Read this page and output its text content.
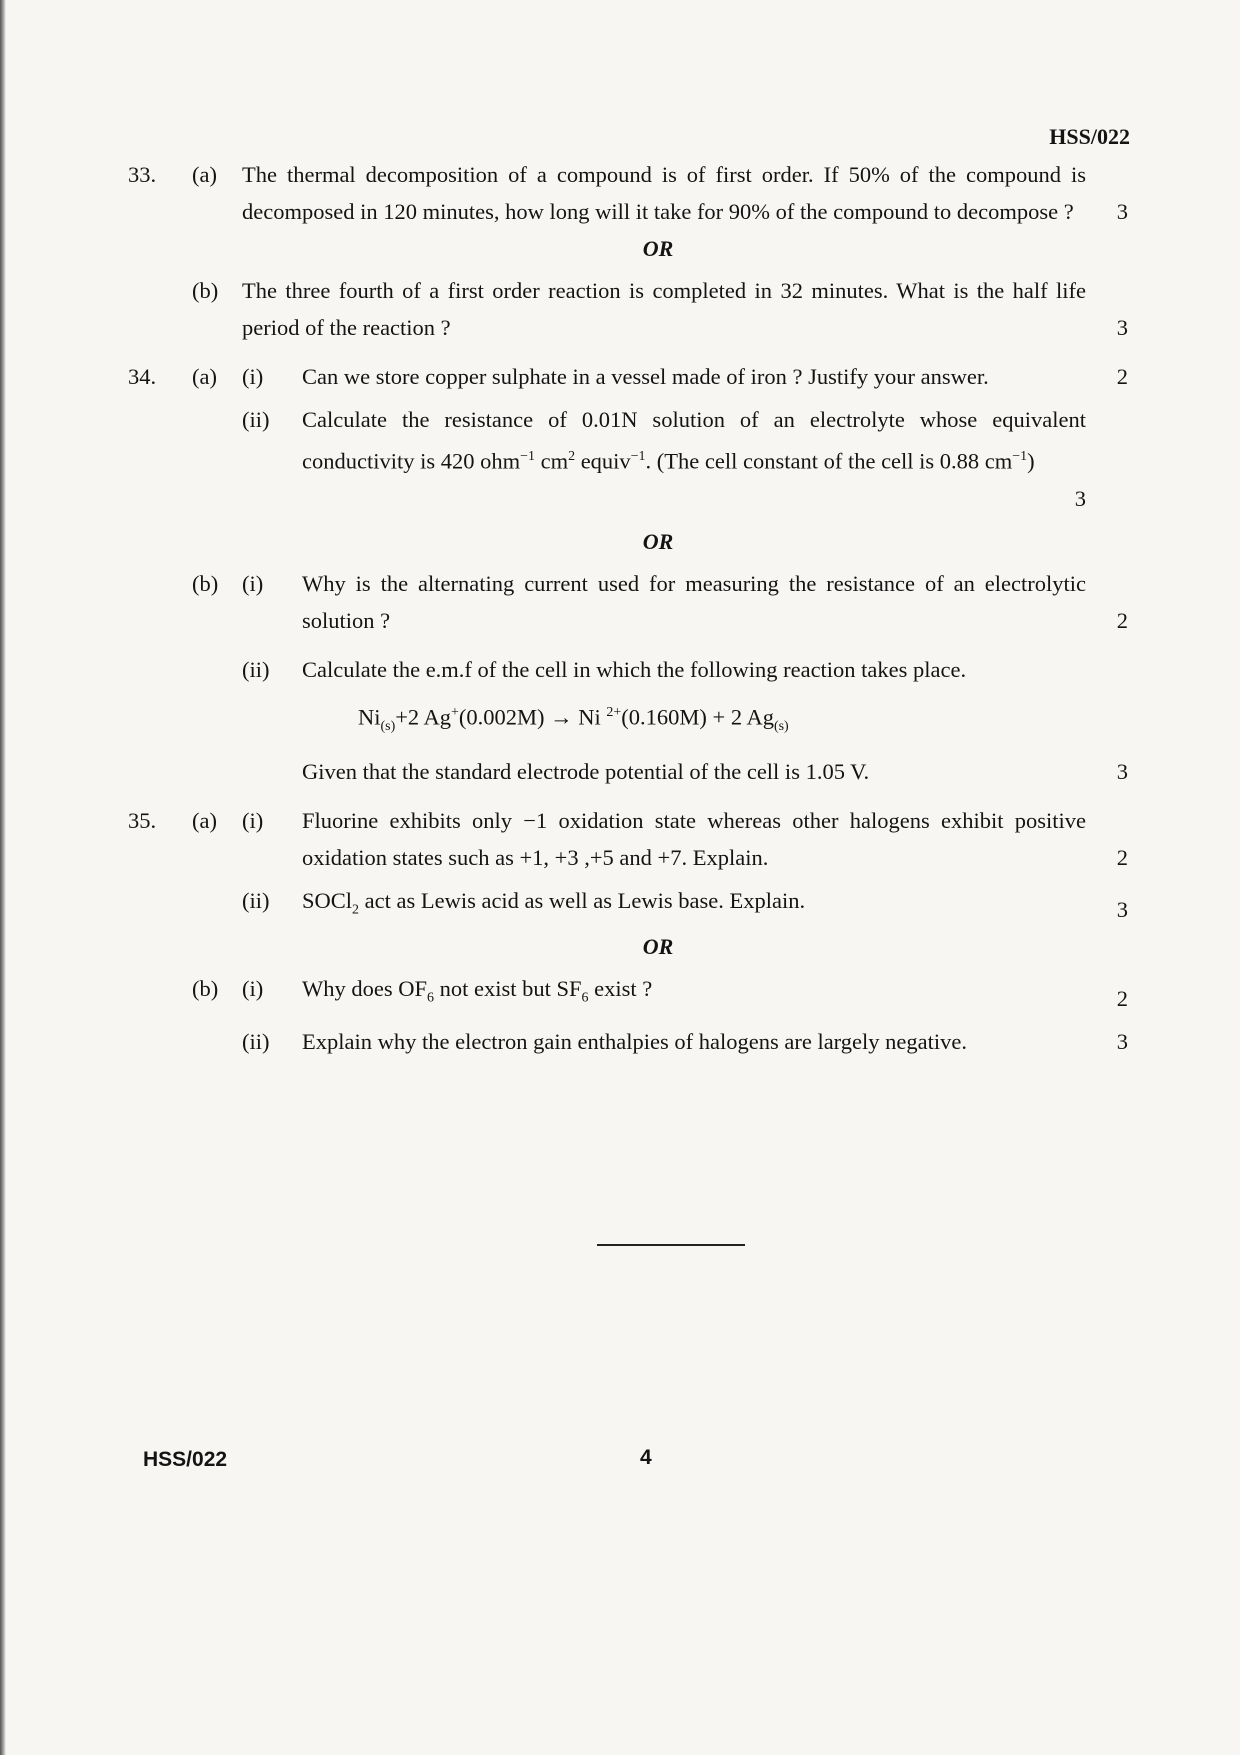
HSS/022
33.	(a)	The thermal decomposition of a compound is of first order. If 50% of the compound is decomposed in 120 minutes, how long will it take for 90% of the compound to decompose ?	3
OR
(b)	The three fourth of a first order reaction is completed in 32 minutes. What is the half life period of the reaction ?	3
34.	(a)	(i)	Can we store copper sulphate in a vessel made of iron ? Justify your answer.	2
(ii)	Calculate the resistance of 0.01N solution of an electrolyte whose equivalent conductivity is 420 ohm$^{-1}$ $cm^2$ equiv$^{-1}$. (The cell constant of the cell is 0.88 $cm^{-1}$)
3
OR
(b)	(i)	Why is the alternating current used for measuring the resistance of an electrolytic solution ?	2
(ii)	Calculate the e.m.f of the cell in which the following reaction takes place.
$Ni_{(s)}+2$ Ag+(0.002M) → Ni $^{2+}$(0.160M) + 2 $Ag_{(s)}$
Given that the standard electrode potential of the cell is 1.05 V.	3
35.	(a)	(i)	Fluorine exhibits only −1 oxidation state whereas other halogens exhibit positive oxidation states such as +1, +3 ,+5 and +7. Explain.	2
(ii)	SOCl$_2$ act as Lewis acid as well as Lewis base. Explain.	3
OR
(b)	(i)	Why does $OF_6$ not exist but $SF_6$ exist ?	2
(ii)	Explain why the electron gain enthalpies of halogens are largely negative.	3
HSS/022	4
